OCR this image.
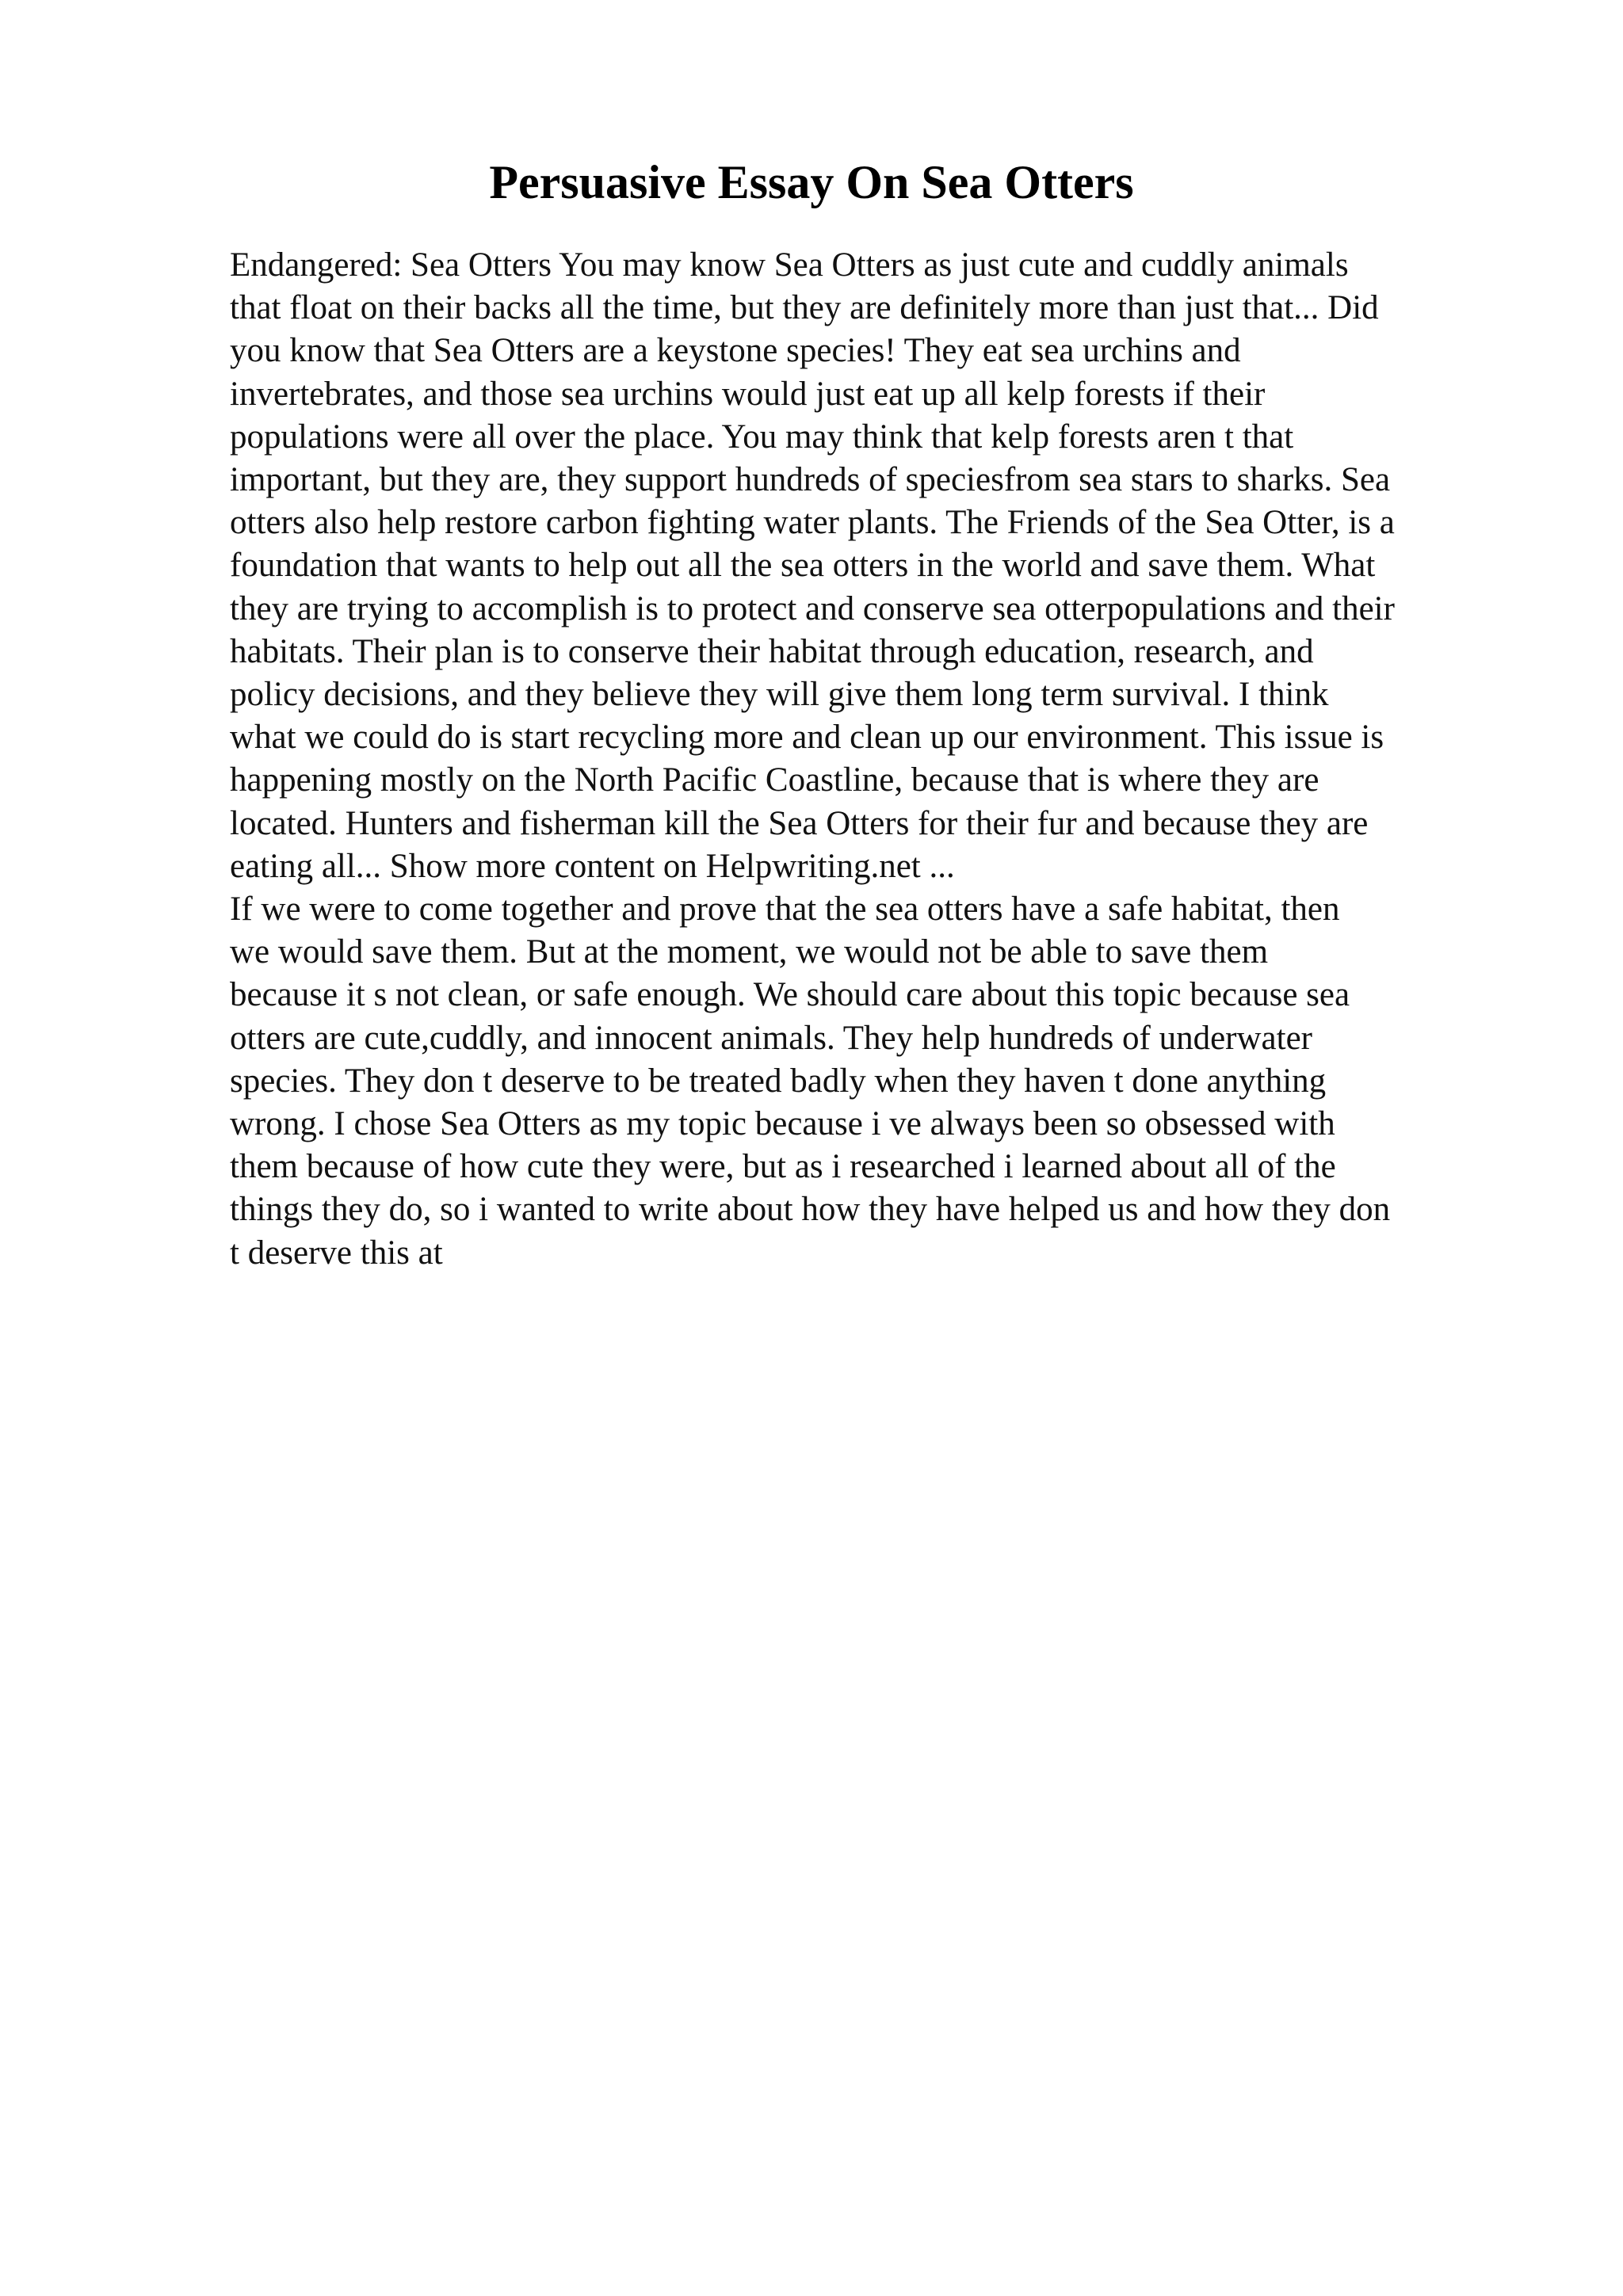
Persuasive Essay On Sea Otters
Endangered: Sea Otters You may know Sea Otters as just cute and cuddly animals
that float on their backs all the time, but they are definitely more than just that... Did
you know that Sea Otters are a keystone species! They eat sea urchins and
invertebrates, and those sea urchins would just eat up all kelp forests if their
populations were all over the place. You may think that kelp forests aren t that
important, but they are, they support hundreds of speciesfrom sea stars to sharks. Sea
otters also help restore carbon fighting water plants. The Friends of the Sea Otter, is a
foundation that wants to help out all the sea otters in the world and save them. What
they are trying to accomplish is to protect and conserve sea otterpopulations and their
habitats. Their plan is to conserve their habitat through education, research, and
policy decisions, and they believe they will give them long term survival. I think
what we could do is start recycling more and clean up our environment. This issue is
happening mostly on the North Pacific Coastline, because that is where they are
located. Hunters and fisherman kill the Sea Otters for their fur and because they are
eating all... Show more content on Helpwriting.net ...
If we were to come together and prove that the sea otters have a safe habitat, then
we would save them. But at the moment, we would not be able to save them
because it s not clean, or safe enough. We should care about this topic because sea
otters are cute,cuddly, and innocent animals. They help hundreds of underwater
species. They don t deserve to be treated badly when they haven t done anything
wrong. I chose Sea Otters as my topic because i ve always been so obsessed with
them because of how cute they were, but as i researched i learned about all of the
things they do, so i wanted to write about how they have helped us and how they don
t deserve this at
